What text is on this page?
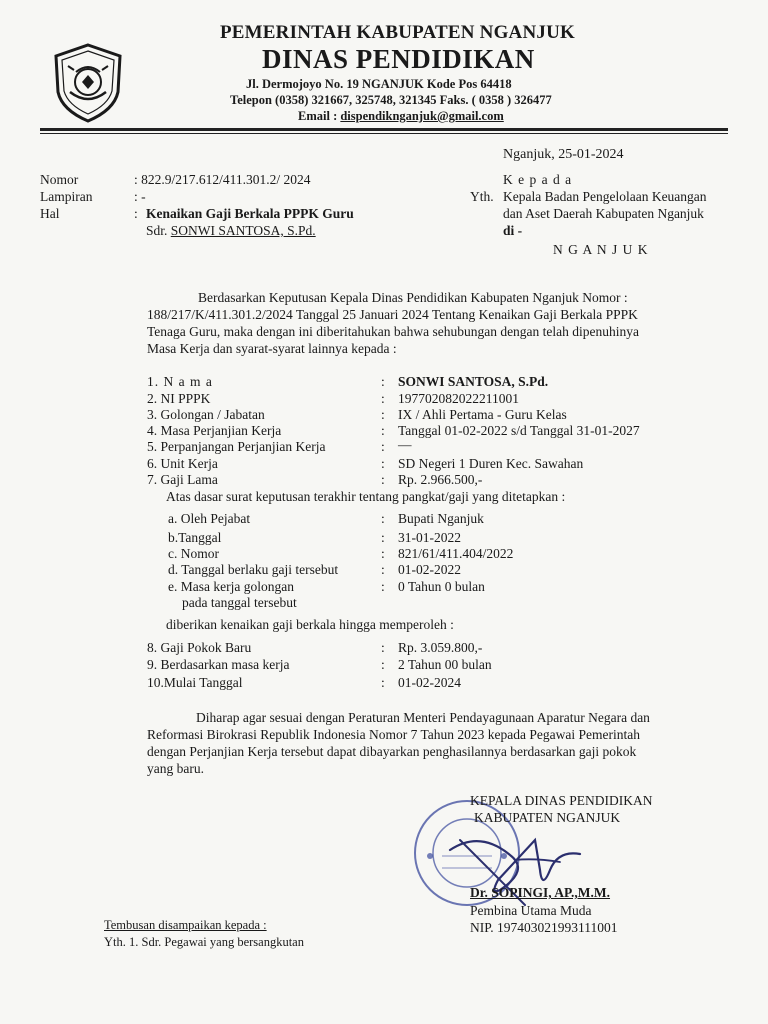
PEMERINTAH KABUPATEN NGANJUK
DINAS PENDIDIKAN
Jl. Dermojoyo No. 19 NGANJUK Kode Pos 64418
Telepon (0358) 321667, 325748, 321345 Faks. ( 0358 ) 326477
Email : dispendiknganjuk@gmail.com
Nganjuk, 25-01-2024
Nomor	: 822.9/217.612/411.301.2/ 2024
Lampiran	: -
Hal	: Kenaikan Gaji Berkala PPPK Guru
Sdr. SONWI SANTOSA, S.Pd.
K e p a d a
Yth. Kepala Badan Pengelolaan Keuangan
dan Aset Daerah Kabupaten Nganjuk
di -
N G A N J U K
Berdasarkan Keputusan Kepala Dinas Pendidikan Kabupaten Nganjuk Nomor :
188/217/K/411.301.2/2024 Tanggal 25 Januari 2024 Tentang Kenaikan Gaji Berkala PPPK
Tenaga Guru, maka dengan ini diberitahukan bahwa sehubungan dengan telah dipenuhinya
Masa Kerja dan syarat-syarat lainnya kepada :
1. N a m a	: SONWI SANTOSA, S.Pd.
2. NI PPPK	: 197702082022211001
3. Golongan / Jabatan	: IX / Ahli Pertama - Guru Kelas
4. Masa Perjanjian Kerja	: Tanggal 01-02-2022 s/d Tanggal 31-01-2027
5. Perpanjangan Perjanjian Kerja	: —
6. Unit Kerja	: SD Negeri 1 Duren Kec. Sawahan
7. Gaji Lama	: Rp. 2.966.500,-
Atas dasar surat keputusan terakhir tentang pangkat/gaji yang ditetapkan :
a. Oleh Pejabat	: Bupati Nganjuk
b.Tanggal	: 31-01-2022
c. Nomor	: 821/61/411.404/2022
d. Tanggal berlaku gaji tersebut	: 01-02-2022
e. Masa kerja golongan	: 0 Tahun 0 bulan
pada tanggal tersebut
diberikan kenaikan gaji berkala hingga memperoleh :
8. Gaji Pokok Baru	: Rp. 3.059.800,-
9. Berdasarkan masa kerja	: 2 Tahun 00 bulan
10.Mulai Tanggal	: 01-02-2024
Diharap agar sesuai dengan Peraturan Menteri Pendayagunaan Aparatur Negara dan
Reformasi Birokrasi Republik Indonesia Nomor 7 Tahun 2023 kepada Pegawai Pemerintah
dengan Perjanjian Kerja tersebut dapat dibayarkan penghasilannya berdasarkan gaji pokok
yang baru.
KEPALA DINAS PENDIDIKAN
KABUPATEN NGANJUK
Dr. SOPINGI, AP.,M.M.
Pembina Utama Muda
NIP. 197403021993111001
Tembusan disampaikan kepada :
Yth. 1. Sdr. Pegawai yang bersangkutan
